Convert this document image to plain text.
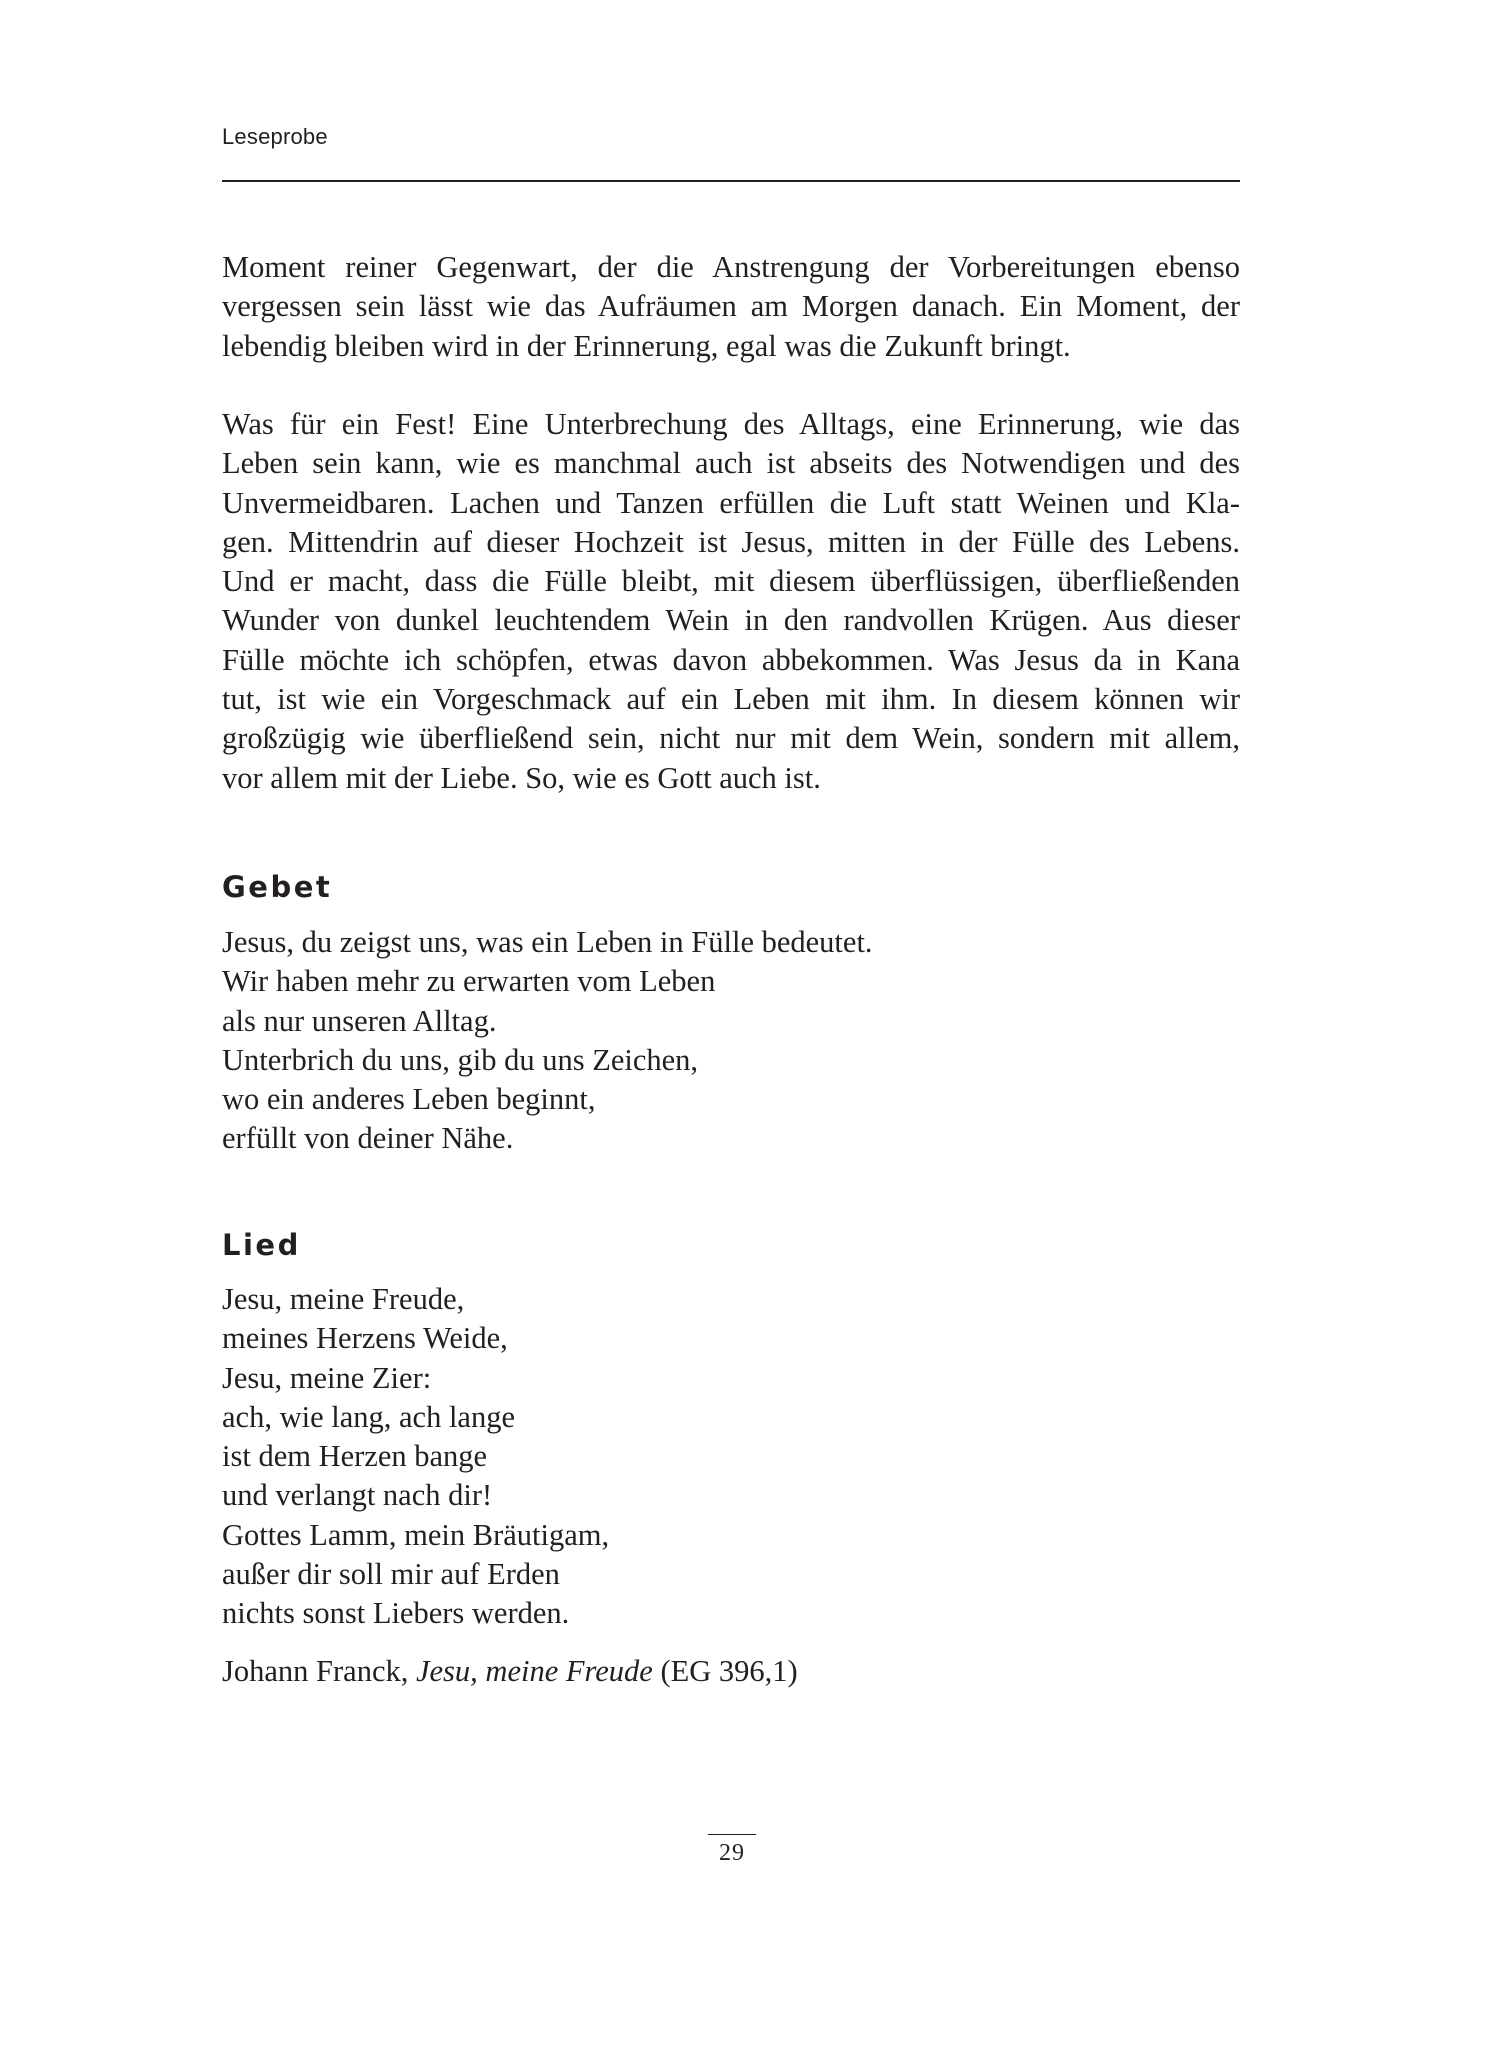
Leseprobe

Moment reiner Gegenwart, der die Anstrengung der Vorbereitungen ebenso
vergessen sein lässt wie das Aufräumen am Morgen danach. Ein Moment, der
lebendig bleiben wird in der Erinnerung, egal was die Zukunft bringt.

Was für ein Fest! Eine Unterbrechung des Alltags, eine Erinnerung, wie das
Leben sein kann, wie es manchmal auch ist abseits des Notwendigen und des
Unvermeidbaren. Lachen und Tanzen erfüllen die Luft statt Weinen und Kla-
gen. Mittendrin auf dieser Hochzeit ist Jesus, mitten in der Fülle des Lebens.
Und er macht, dass die Fülle bleibt, mit diesem überflüssigen, überfließenden
Wunder von dunkel leuchtendem Wein in den randvollen Krügen. Aus dieser
Fülle möchte ich schöpfen, etwas davon abbekommen. Was Jesus da in Kana
tut, ist wie ein Vorgeschmack auf ein Leben mit ihm. In diesem können wir
großzügig wie überfließend sein, nicht nur mit dem Wein, sondern mit allem,
vor allem mit der Liebe. So, wie es Gott auch ist.

Gebet
Jesus, du zeigst uns, was ein Leben in Fülle bedeutet.
Wir haben mehr zu erwarten vom Leben
als nur unseren Alltag.
Unterbrich du uns, gib du uns Zeichen,
wo ein anderes Leben beginnt,
erfüllt von deiner Nähe.
Lied
Jesu, meine Freude,
meines Herzens Weide,
Jesu, meine Zier:
ach, wie lang, ach lange
ist dem Herzen bange
und verlangt nach dir!
Gottes Lamm, mein Bräutigam,
außer dir soll mir auf Erden
nichts sonst Liebers werden.
Johann Franck, Jesu, meine Freude (EG 396,1)
29
